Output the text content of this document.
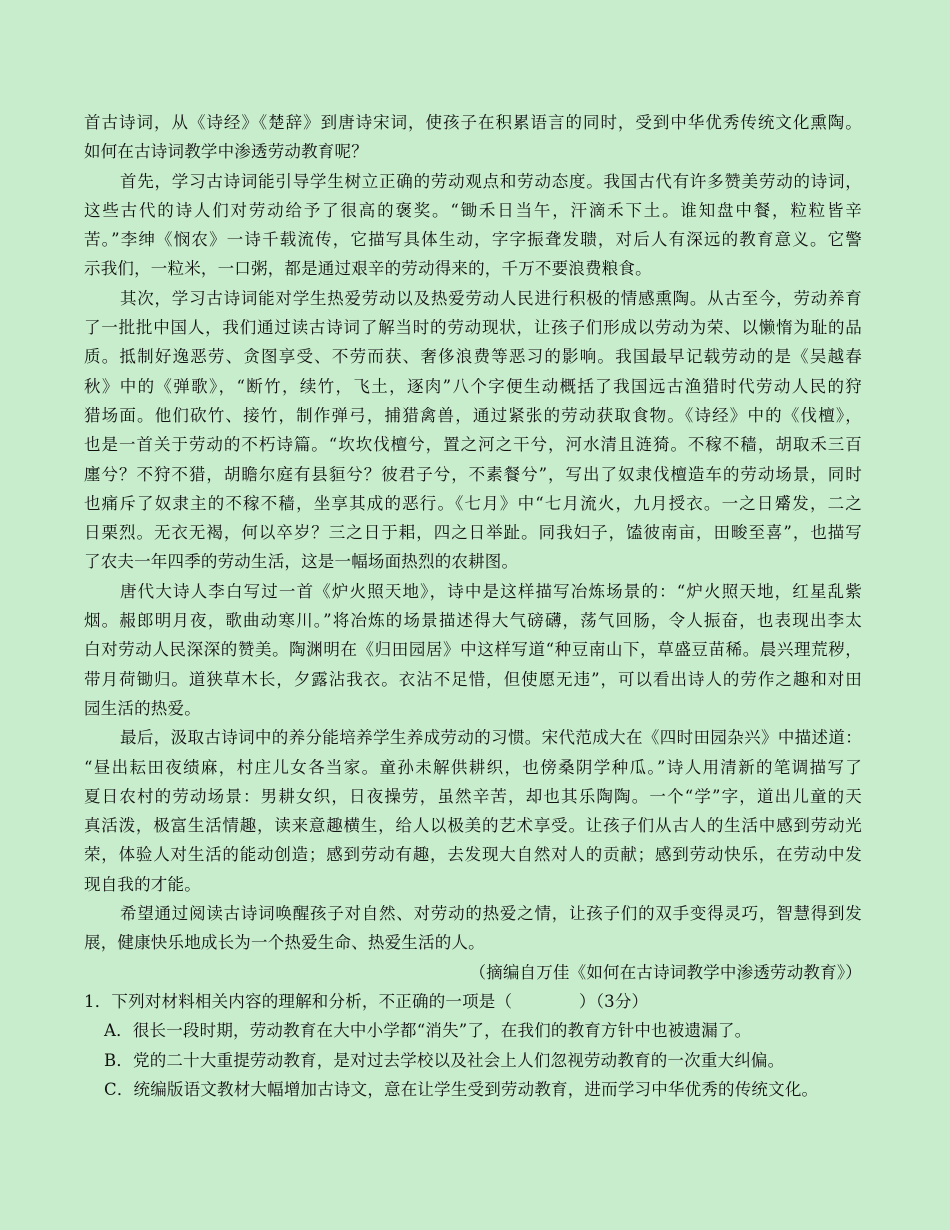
首古诗词，从《诗经》《楚辞》到唐诗宋词，使孩子在积累语言的同时，受到中华优秀传统文化熏陶。
如何在古诗词教学中渗透劳动教育呢？
首先，学习古诗词能引导学生树立正确的劳动观点和劳动态度。我国古代有许多赞美劳动的诗词，
这些古代的诗人们对劳动给予了很高的褒奖。“锄禾日当午，汗滴禾下土。谁知盘中餐，粒粒皆辛
苦。”李绅《悯农》一诗千载流传，它描写具体生动，字字振聋发聩，对后人有深远的教育意义。它警
示我们，一粒米，一口粥，都是通过艰辛的劳动得来的，千万不要浪费粮食。
其次，学习古诗词能对学生热爱劳动以及热爱劳动人民进行积极的情感熏陶。从古至今，劳动养育
了一批批中国人，我们通过读古诗词了解当时的劳动现状，让孩子们形成以劳动为荣、以懒惰为耻的品
质。抵制好逸恶劳、贪图享受、不劳而获、奢侈浪费等恶习的影响。我国最早记载劳动的是《吴越春
秋》中的《弹歌》，“断竹，续竹，飞土，逐肉”八个字便生动概括了我国远古渔猎时代劳动人民的狩
猎场面。他们砍竹、接竹，制作弹弓，捕猎禽兽，通过紧张的劳动获取食物。《诗经》中的《伐檀》，
也是一首关于劳动的不朽诗篇。“坎坎伐檀兮，置之河之干兮，河水清且涟猗。不稼不穑，胡取禾三百
廛兮？不狩不猎，胡瞻尔庭有县貆兮？彼君子兮，不素餐兮”，写出了奴隶伐檀造车的劳动场景，同时
也痛斥了奴隶主的不稼不穑，坐享其成的恶行。《七月》中“七月流火，九月授衣。一之日觱发，二之
日栗烈。无衣无褐，何以卒岁？三之日于耜，四之日举趾。同我妇子，馌彼南亩，田畯至喜”，也描写
了农夫一年四季的劳动生活，这是一幅场面热烈的农耕图。
唐代大诗人李白写过一首《炉火照天地》，诗中是这样描写冶炼场景的：“炉火照天地，红星乱紫
烟。赧郎明月夜，歌曲动寒川。”将冶炼的场景描述得大气磅礴，荡气回肠，令人振奋，也表现出李太
白对劳动人民深深的赞美。陶渊明在《归田园居》中这样写道“种豆南山下，草盛豆苗稀。晨兴理荒秽，
带月荷锄归。道狭草木长，夕露沾我衣。衣沾不足惜，但使愿无违”，可以看出诗人的劳作之趣和对田
园生活的热爱。
最后，汲取古诗词中的养分能培养学生养成劳动的习惯。宋代范成大在《四时田园杂兴》中描述道：
“昼出耘田夜绩麻，村庄儿女各当家。童孙未解供耕织，也傍桑阴学种瓜。”诗人用清新的笔调描写了
夏日农村的劳动场景：男耕女织，日夜操劳，虽然辛苦，却也其乐陶陶。一个“学”字，道出儿童的天
真活泼，极富生活情趣，读来意趣横生，给人以极美的艺术享受。让孩子们从古人的生活中感到劳动光
荣，体验人对生活的能动创造；感到劳动有趣，去发现大自然对人的贡献；感到劳动快乐，在劳动中发
现自我的才能。
希望通过阅读古诗词唤醒孩子对自然、对劳动的热爱之情，让孩子们的双手变得灵巧，智慧得到发
展，健康快乐地成长为一个热爱生命、热爱生活的人。
（摘编自万佳《如何在古诗词教学中渗透劳动教育》）
1．下列对材料相关内容的理解和分析，不正确的一项是（　　　　）（3分）
A．很长一段时期，劳动教育在大中小学都“消失”了，在我们的教育方针中也被遗漏了。
B．党的二十大重提劳动教育，是对过去学校以及社会上人们忽视劳动教育的一次重大纠偏。
C．统编版语文教材大幅增加古诗文，意在让学生受到劳动教育，进而学习中华优秀的传统文化。
